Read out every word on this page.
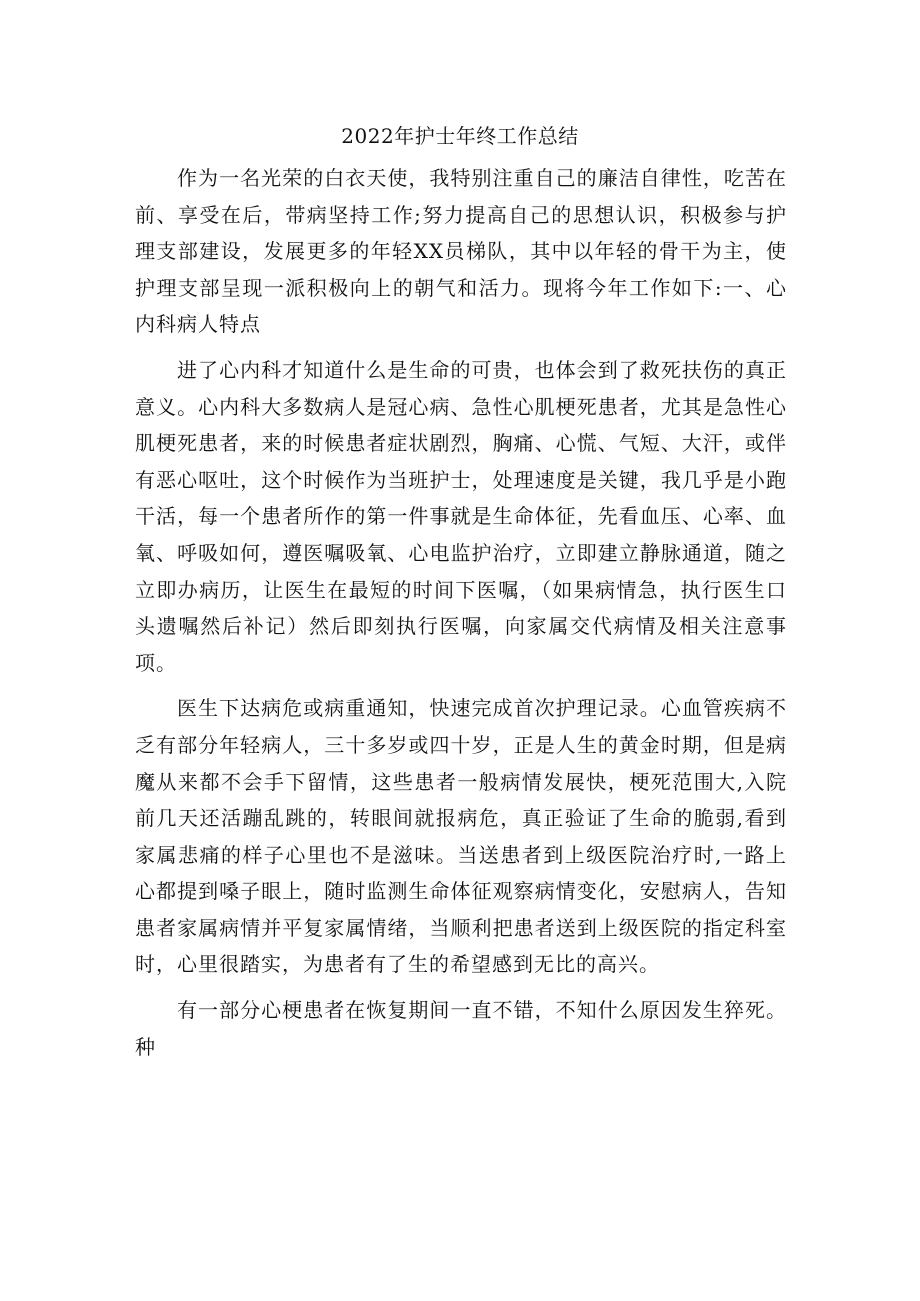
2022年护士年终工作总结

作为一名光荣的白衣天使，我特别注重自己的廉洁自律性，吃苦在前、享受在后，带病坚持工作;努力提高自己的思想认识，积极参与护理支部建设，发展更多的年轻XX员梯队，其中以年轻的骨干为主，使护理支部呈现一派积极向上的朝气和活力。现将今年工作如下:一、心内科病人特点

进了心内科才知道什么是生命的可贵，也体会到了救死扶伤的真正意义。心内科大多数病人是冠心病、急性心肌梗死患者，尤其是急性心肌梗死患者，来的时候患者症状剧烈，胸痛、心慌、气短、大汗，或伴有恶心呕吐，这个时候作为当班护士，处理速度是关键，我几乎是小跑干活，每一个患者所作的第一件事就是生命体征，先看血压、心率、血氧、呼吸如何，遵医嘱吸氧、心电监护治疗，立即建立静脉通道，随之立即办病历，让医生在最短的时间下医嘱，（如果病情急，执行医生口头遗嘱然后补记）然后即刻执行医嘱，向家属交代病情及相关注意事项。

医生下达病危或病重通知，快速完成首次护理记录。心血管疾病不乏有部分年轻病人，三十多岁或四十岁，正是人生的黄金时期，但是病魔从来都不会手下留情，这些患者一般病情发展快，梗死范围大,入院前几天还活蹦乱跳的，转眼间就报病危，真正验证了生命的脆弱,看到家属悲痛的样子心里也不是滋味。当送患者到上级医院治疗时,一路上心都提到嗓子眼上，随时监测生命体征观察病情变化，安慰病人，告知患者家属病情并平复家属情绪，当顺利把患者送到上级医院的指定科室时，心里很踏实，为患者有了生的希望感到无比的高兴。

有一部分心梗患者在恢复期间一直不错，不知什么原因发生猝死。种
